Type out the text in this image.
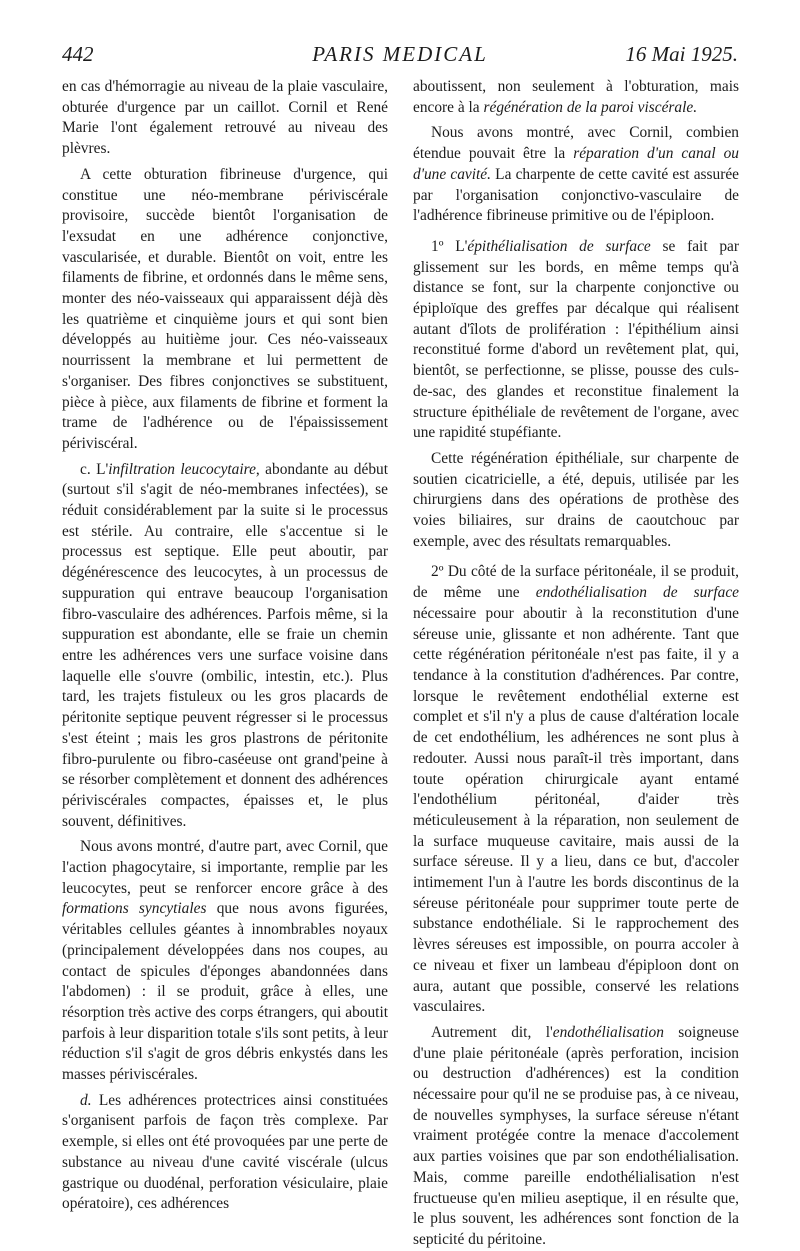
442	PARIS MEDICAL	16 Mai 1925.

en cas d'hémorragie au niveau de la plaie vasculaire, obturée d'urgence par un caillot. Cornil et René Marie l'ont également retrouvé au niveau des plèvres.

A cette obturation fibrineuse d'urgence, qui constitue une néo-membrane périviscérale provisoire, succède bientôt l'organisation de l'exsudat en une adhérence conjonctive, vascularisée, et durable. Bientôt on voit, entre les filaments de fibrine, et ordonnés dans le même sens, monter des néo-vaisseaux qui apparaissent déjà dès les quatrième et cinquième jours et qui sont bien développés au huitième jour. Ces néo-vaisseaux nourrissent la membrane et lui permettent de s'organiser. Des fibres conjonctives se substituent, pièce à pièce, aux filaments de fibrine et forment la trame de l'adhérence ou de l'épaississement périviscéral.

c. L'infiltration leucocytaire, abondante au début (surtout s'il s'agit de néo-membranes infectées), se réduit considérablement par la suite si le processus est stérile. Au contraire, elle s'accentue si le processus est septique. Elle peut aboutir, par dégénérescence des leucocytes, à un processus de suppuration qui entrave beaucoup l'organisation fibro-vasculaire des adhérences. Parfois même, si la suppuration est abondante, elle se fraie un chemin entre les adhérences vers une surface voisine dans laquelle elle s'ouvre (ombilic, intestin, etc.). Plus tard, les trajets fistuleux ou les gros placards de péritonite septique peuvent régresser si le processus s'est éteint ; mais les gros plastrons de péritonite fibro-purulente ou fibro-caséeuse ont grand'peine à se résorber complètement et donnent des adhérences périviscérales compactes, épaisses et, le plus souvent, définitives.

Nous avons montré, d'autre part, avec Cornil, que l'action phagocytaire, si importante, remplie par les leucocytes, peut se renforcer encore grâce à des formations syncytiales que nous avons figurées, véritables cellules géantes à innombrables noyaux (principalement développées dans nos coupes, au contact de spicules d'éponges abandonnées dans l'abdomen) : il se produit, grâce à elles, une résorption très active des corps étrangers, qui aboutit parfois à leur disparition totale s'ils sont petits, à leur réduction s'il s'agit de gros débris enkystés dans les masses périviscérales.

d. Les adhérences protectrices ainsi constituées s'organisent parfois de façon très complexe. Par exemple, si elles ont été provoquées par une perte de substance au niveau d'une cavité viscérale (ulcus gastrique ou duodénal, perforation vésiculaire, plaie opératoire), ces adhérences

aboutissent, non seulement à l'obturation, mais encore à la régénération de la paroi viscérale.

Nous avons montré, avec Cornil, combien étendue pouvait être la réparation d'un canal ou d'une cavité. La charpente de cette cavité est assurée par l'organisation conjonctivo-vasculaire de l'adhérence fibrineuse primitive ou de l'épiploon.

1º L'épithélialisation de surface se fait par glissement sur les bords, en même temps qu'à distance se font, sur la charpente conjonctive ou épiploïque des greffes par décalque qui réalisent autant d'îlots de prolifération : l'épithélium ainsi reconstitué forme d'abord un revêtement plat, qui, bientôt, se perfectionne, se plisse, pousse des culs-de-sac, des glandes et reconstitue finalement la structure épithéliale de revêtement de l'organe, avec une rapidité stupéfiante.

Cette régénération épithéliale, sur charpente de soutien cicatricielle, a été, depuis, utilisée par les chirurgiens dans des opérations de prothèse des voies biliaires, sur drains de caoutchouc par exemple, avec des résultats remarquables.

2º Du côté de la surface péritonéale, il se produit, de même une endothélialisation de surface nécessaire pour aboutir à la reconstitution d'une séreuse unie, glissante et non adhérente. Tant que cette régénération péritonéale n'est pas faite, il y a tendance à la constitution d'adhérences. Par contre, lorsque le revêtement endothélial externe est complet et s'il n'y a plus de cause d'altération locale de cet endothélium, les adhérences ne sont plus à redouter. Aussi nous paraît-il très important, dans toute opération chirurgicale ayant entamé l'endothélium péritonéal, d'aider très méticuleusement à la réparation, non seulement de la surface muqueuse cavitaire, mais aussi de la surface séreuse. Il y a lieu, dans ce but, d'accoler intimement l'un à l'autre les bords discontinus de la séreuse péritonéale pour supprimer toute perte de substance endothéliale. Si le rapprochement des lèvres séreuses est impossible, on pourra accoler à ce niveau et fixer un lambeau d'épiploon dont on aura, autant que possible, conservé les relations vasculaires.

Autrement dit, l'endothélialisation soigneuse d'une plaie péritonéale (après perforation, incision ou destruction d'adhérences) est la condition nécessaire pour qu'il ne se produise pas, à ce niveau, de nouvelles symphyses, la surface séreuse n'étant vraiment protégée contre la menace d'accolement aux parties voisines que par son endothélialisation. Mais, comme pareille endothélialisation n'est fructueuse qu'en milieu aseptique, il en résulte que, le plus souvent, les adhérences sont fonction de la septicité du péritoine.
